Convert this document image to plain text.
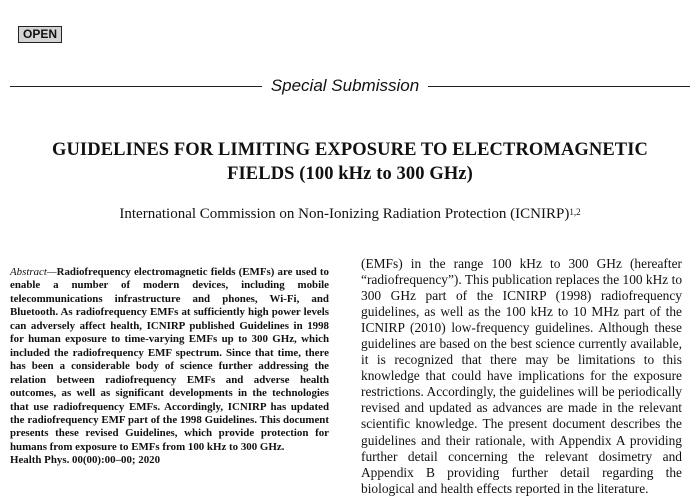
OPEN
Special Submission
GUIDELINES FOR LIMITING EXPOSURE TO ELECTROMAGNETIC
FIELDS (100 kHz to 300 GHz)
International Commission on Non-Ionizing Radiation Protection (ICNIRP)$^{1,2}$
Abstract—Radiofrequency electromagnetic fields (EMFs) are used to enable a number of modern devices, including mobile telecommunications infrastructure and phones, Wi-Fi, and Bluetooth. As radiofrequency EMFs at sufficiently high power levels can adversely affect health, ICNIRP published Guidelines in 1998 for human exposure to time-varying EMFs up to 300 GHz, which included the radiofrequency EMF spectrum. Since that time, there has been a considerable body of science further addressing the relation between radiofrequency EMFs and adverse health outcomes, as well as significant developments in the technologies that use radiofrequency EMFs. Accordingly, ICNIRP has updated the radiofrequency EMF part of the 1998 Guidelines. This document presents these revised Guidelines, which provide protection for humans from exposure to EMFs from 100 kHz to 300 GHz.
Health Phys. 00(00):00–00; 2020
(EMFs) in the range 100 kHz to 300 GHz (hereafter “radiofrequency”). This publication replaces the 100 kHz to 300 GHz part of the ICNIRP (1998) radiofrequency guidelines, as well as the 100 kHz to 10 MHz part of the ICNIRP (2010) low-frequency guidelines. Although these guidelines are based on the best science currently available, it is recognized that there may be limitations to this knowledge that could have implications for the exposure restrictions. Accordingly, the guidelines will be periodically revised and updated as advances are made in the relevant scientific knowledge. The present document describes the guidelines and their rationale, with Appendix A providing further detail concerning the relevant dosimetry and Appendix B providing further detail regarding the biological and health effects reported in the literature.
